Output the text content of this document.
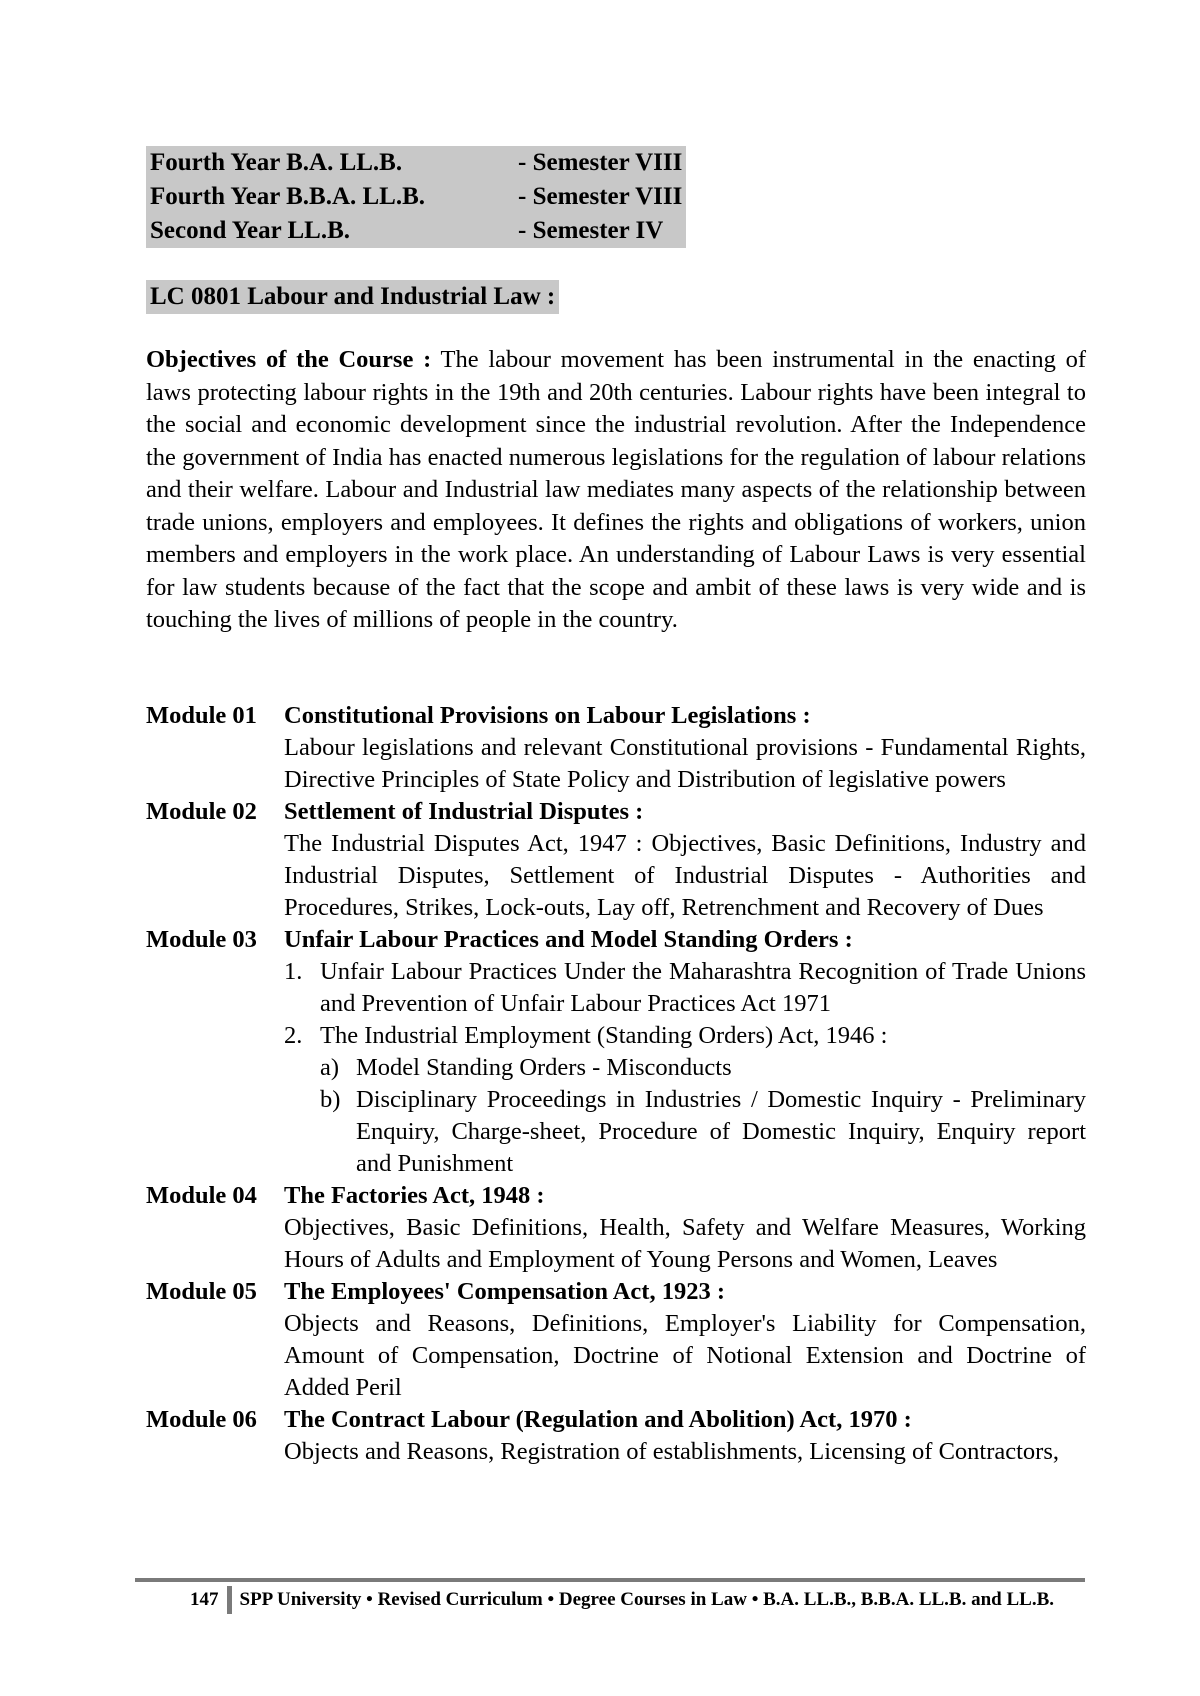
Fourth Year B.A. LL.B.	- Semester VIII
Fourth Year B.B.A. LL.B.	- Semester VIII
Second Year LL.B.	- Semester IV
LC 0801 Labour and Industrial Law :
Objectives of the Course : The labour movement has been instrumental in the enacting of laws protecting labour rights in the 19th and 20th centuries. Labour rights have been integral to the social and economic development since the industrial revolution. After the Independence the government of India has enacted numerous legislations for the regulation of labour relations and their welfare. Labour and Industrial law mediates many aspects of the relationship between trade unions, employers and employees. It defines the rights and obligations of workers, union members and employers in the work place. An understanding of Labour Laws is very essential for law students because of the fact that the scope and ambit of these laws is very wide and is touching the lives of millions of people in the country.
Module 01	Constitutional Provisions on Labour Legislations :
Labour legislations and relevant Constitutional provisions - Fundamental Rights, Directive Principles of State Policy and Distribution of legislative powers
Module 02	Settlement of Industrial Disputes :
The Industrial Disputes Act, 1947 : Objectives, Basic Definitions, Industry and Industrial Disputes, Settlement of Industrial Disputes - Authorities and Procedures, Strikes, Lock-outs, Lay off, Retrenchment and Recovery of Dues
Module 03	Unfair Labour Practices and Model Standing Orders :
1. Unfair Labour Practices Under the Maharashtra Recognition of Trade Unions and Prevention of Unfair Labour Practices Act 1971
2. The Industrial Employment (Standing Orders) Act, 1946 :
a) Model Standing Orders - Misconducts
b) Disciplinary Proceedings in Industries / Domestic Inquiry - Preliminary Enquiry, Charge-sheet, Procedure of Domestic Inquiry, Enquiry report and Punishment
Module 04	The Factories Act, 1948 :
Objectives, Basic Definitions, Health, Safety and Welfare Measures, Working Hours of Adults and Employment of Young Persons and Women, Leaves
Module 05	The Employees' Compensation Act, 1923 :
Objects and Reasons, Definitions, Employer's Liability for Compensation, Amount of Compensation, Doctrine of Notional Extension and Doctrine of Added Peril
Module 06	The Contract Labour (Regulation and Abolition) Act, 1970 :
Objects and Reasons, Registration of establishments, Licensing of Contractors,
147	SPP University • Revised Curriculum • Degree Courses in Law • B.A. LL.B., B.B.A. LL.B. and LL.B.
